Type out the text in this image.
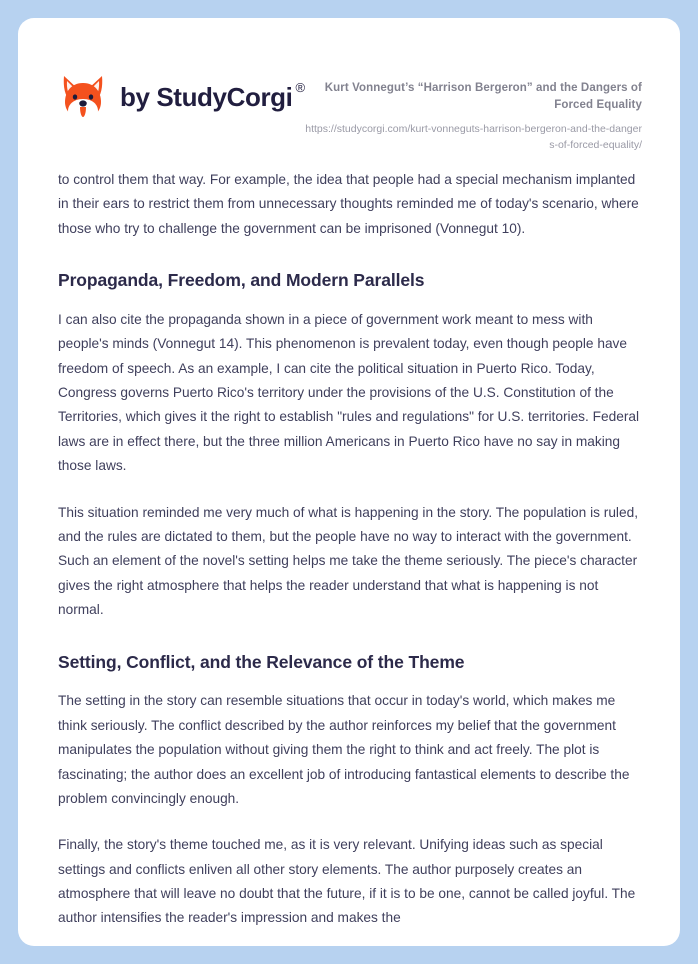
by StudyCorgi ®	Kurt Vonnegut’s “Harrison Bergeron” and the Dangers of Forced Equality
https://studycorgi.com/kurt-vonneguts-harrison-bergeron-and-the-dangers-of-forced-equality/

to control them that way. For example, the idea that people had a special mechanism implanted in their ears to restrict them from unnecessary thoughts reminded me of today's scenario, where those who try to challenge the government can be imprisoned (Vonnegut 10).

Propaganda, Freedom, and Modern Parallels

I can also cite the propaganda shown in a piece of government work meant to mess with people's minds (Vonnegut 14). This phenomenon is prevalent today, even though people have freedom of speech. As an example, I can cite the political situation in Puerto Rico. Today, Congress governs Puerto Rico's territory under the provisions of the U.S. Constitution of the Territories, which gives it the right to establish "rules and regulations" for U.S. territories. Federal laws are in effect there, but the three million Americans in Puerto Rico have no say in making those laws.

This situation reminded me very much of what is happening in the story. The population is ruled, and the rules are dictated to them, but the people have no way to interact with the government. Such an element of the novel's setting helps me take the theme seriously. The piece's character gives the right atmosphere that helps the reader understand that what is happening is not normal.

Setting, Conflict, and the Relevance of the Theme

The setting in the story can resemble situations that occur in today's world, which makes me think seriously. The conflict described by the author reinforces my belief that the government manipulates the population without giving them the right to think and act freely. The plot is fascinating; the author does an excellent job of introducing fantastical elements to describe the problem convincingly enough.

Finally, the story's theme touched me, as it is very relevant. Unifying ideas such as special settings and conflicts enliven all other story elements. The author purposely creates an atmosphere that will leave no doubt that the future, if it is to be one, cannot be called joyful. The author intensifies the reader's impression and makes the
